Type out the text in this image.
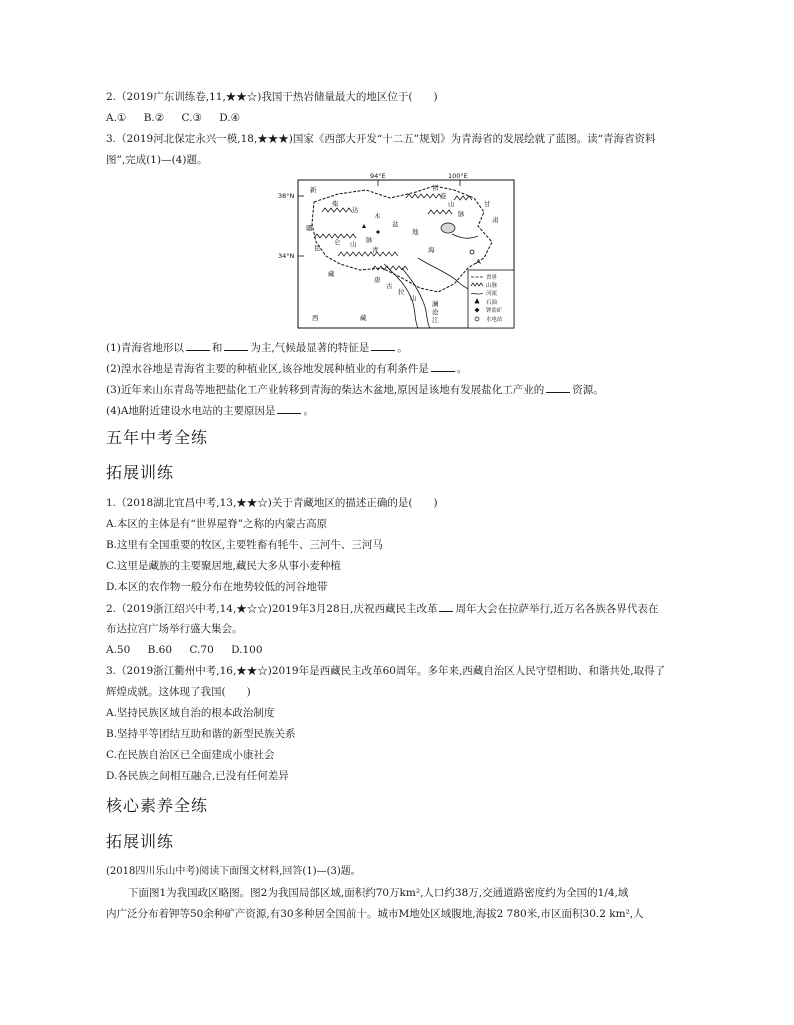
2.（2019广东训练卷,11,★★☆)我国干热岩储量最大的地区位于(　　)
A.① B.② C.③ D.④
3.（2019河北保定永兴一模,18,★★★)国家《西部大开发“十二五”规划》为青海省的发展绘就了蓝图。读“青海省资料
图”,完成(1)—(4)题。
94°E	100°E
38°N
34°N
新
疆
柴
达
木
盆
地
青	海
藏
西	藏
祁
连
山	甘
肃
脉
昆
仑 山 脉
唐
古
拉
山
澜
沧
江
A
省界
山脉
河流
石油
钾盐矿
水电站
(1)青海省地形以	和	为主,气候最显著的特征是	。
(2)湟水谷地是青海省主要的种植业区,该谷地发展种植业的有利条件是	。
(3)近年来山东青岛等地把盐化工产业转移到青海的柴达木盆地,原因是该地有发展盐化工产业的	资源。
(4)A地附近建设水电站的主要原因是	。
五年中考全练
拓展训练
1.（2018湖北宜昌中考,13,★★☆)关于青藏地区的描述正确的是(　　)
A.本区的主体是有“世界屋脊”之称的内蒙古高原
B.这里有全国重要的牧区,主要牲畜有牦牛、三河牛、三河马
C.这里是藏族的主要聚居地,藏民大多从事小麦种植
D.本区的农作物一般分布在地势较低的河谷地带
2.（2019浙江绍兴中考,14,★☆☆)2019年3月28日,庆祝西藏民主改革 周年大会在拉萨举行,近万名各族各界代表在
布达拉宫广场举行盛大集会。
A.50 B.60 C.70 D.100
3.（2019浙江衢州中考,16,★★☆)2019年是西藏民主改革60周年。多年来,西藏自治区人民守望相助、和谐共处,取得了
辉煌成就。这体现了我国(　　)
A.坚持民族区域自治的根本政治制度
B.坚持平等团结互助和谐的新型民族关系
C.在民族自治区已全面建成小康社会
D.各民族之间相互融合,已没有任何差异
核心素养全练
拓展训练
(2018四川乐山中考)阅读下面图文材料,回答(1)—(3)题。
下面图1为我国政区略图。图2为我国局部区域,面积约70万km²,人口约38万,交通道路密度约为全国的1/4,域
内广泛分布着钾等50余种矿产资源,有30多种居全国前十。城市M地处区域腹地,海拔2 780米,市区面积30.2 km²,人
